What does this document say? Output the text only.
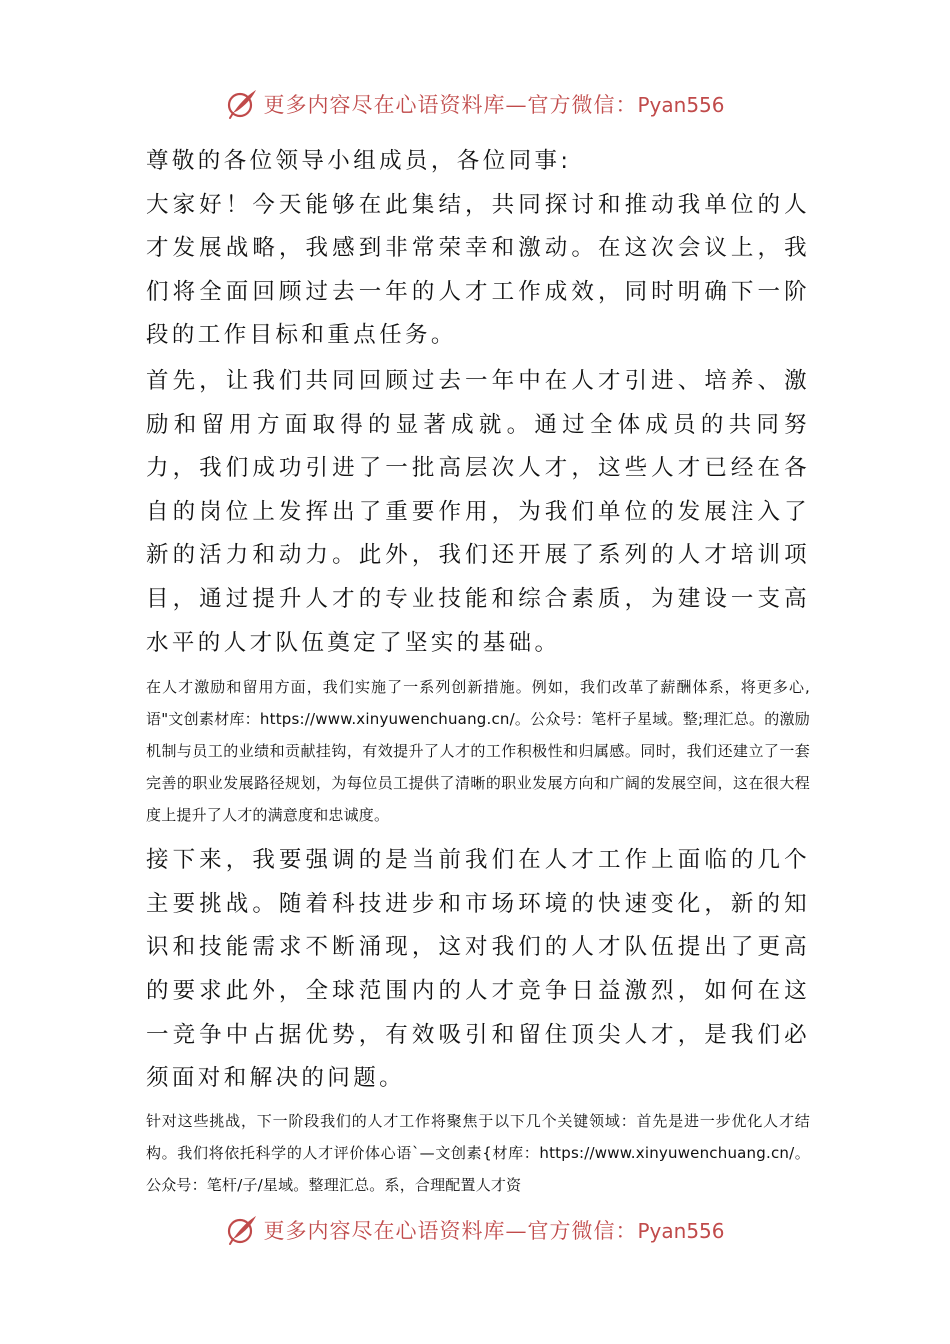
更多内容尽在心语资料库—官方微信：Pyan556

尊敬的各位领导小组成员，各位同事:

大家好！今天能够在此集结，共同探讨和推动我单位的人才发展战略，我感到非常荣幸和激动。在这次会议上，我们将全面回顾过去一年的人才工作成效，同时明确下一阶段的工作目标和重点任务。

首先，让我们共同回顾过去一年中在人才引进、培养、激励和留用方面取得的显著成就。通过全体成员的共同努力，我们成功引进了一批高层次人才，这些人才已经在各自的岗位上发挥出了重要作用，为我们单位的发展注入了新的活力和动力。此外，我们还开展了系列的人才培训项目，通过提升人才的专业技能和综合素质，为建设一支高水平的人才队伍奠定了坚实的基础。

在人才激励和留用方面，我们实施了一系列创新措施。例如，我们改革了薪酬体系，将更多心,语"文创素材库：https://www.xinyuwenchuang.cn/。公众号：笔杆子星域。整;理汇总。的激励机制与员工的业绩和贡献挂钩，有效提升了人才的工作积极性和归属感。同时，我们还建立了一套完善的职业发展路径规划，为每位员工提供了清晰的职业发展方向和广阔的发展空间，这在很大程度上提升了人才的满意度和忠诚度。

接下来，我要强调的是当前我们在人才工作上面临的几个主要挑战。随着科技进步和市场环境的快速变化，新的知识和技能需求不断涌现，这对我们的人才队伍提出了更高的要求此外，全球范围内的人才竞争日益激烈，如何在这一竞争中占据优势，有效吸引和留住顶尖人才，是我们必须面对和解决的问题。

针对这些挑战，下一阶段我们的人才工作将聚焦于以下几个关键领域：首先是进一步优化人才结构。我们将依托科学的人才评价体心语`—文创素{材库：https://www.xinyuwenchuang.cn/。公众号：笔杆/子/星域。整理汇总。系，合理配置人才资

更多内容尽在心语资料库—官方微信：Pyan556
